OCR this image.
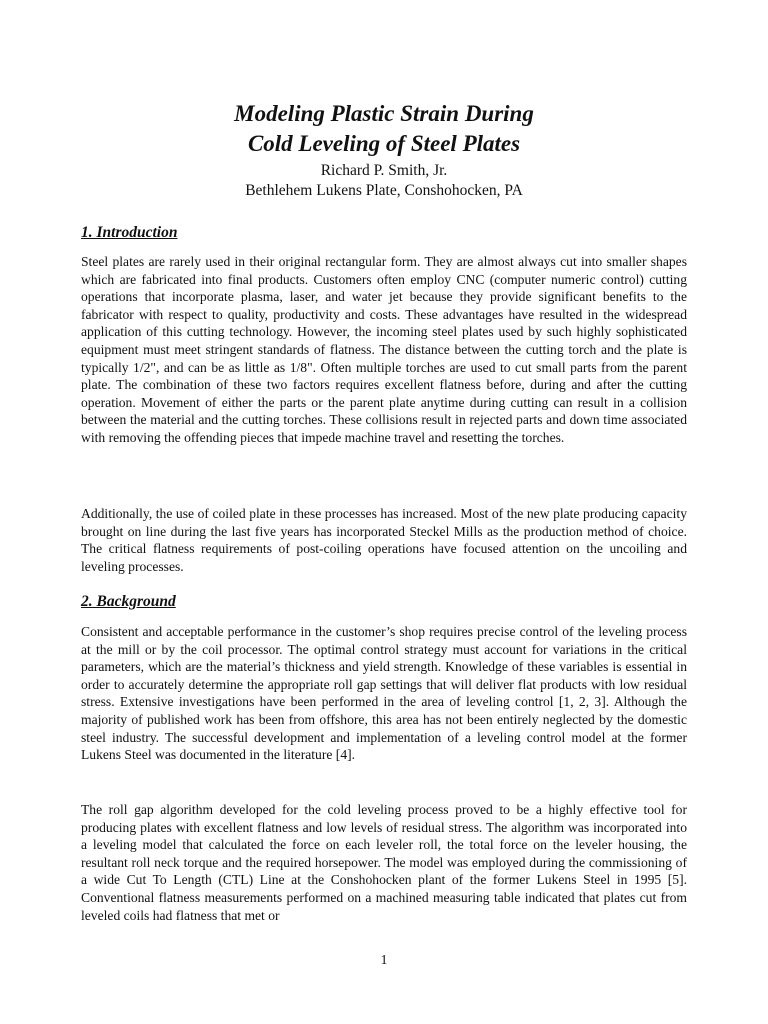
Modeling Plastic Strain During
Cold Leveling of Steel Plates
Richard P. Smith, Jr.
Bethlehem Lukens Plate, Conshohocken, PA
1. Introduction

Steel plates are rarely used in their original rectangular form. They are almost always cut into smaller shapes which are fabricated into final products. Customers often employ CNC (computer numeric control) cutting operations that incorporate plasma, laser, and water jet because they provide significant benefits to the fabricator with respect to quality, productivity and costs. These advantages have resulted in the widespread application of this cutting technology. However, the incoming steel plates used by such highly sophisticated equipment must meet stringent standards of flatness. The distance between the cutting torch and the plate is typically 1/2", and can be as little as 1/8". Often multiple torches are used to cut small parts from the parent plate. The combination of these two factors requires excellent flatness before, during and after the cutting operation. Movement of either the parts or the parent plate anytime during cutting can result in a collision between the material and the cutting torches. These collisions result in rejected parts and down time associated with removing the offending pieces that impede machine travel and resetting the torches.

Additionally, the use of coiled plate in these processes has increased. Most of the new plate producing capacity brought on line during the last five years has incorporated Steckel Mills as the production method of choice. The critical flatness requirements of post-coiling operations have focused attention on the uncoiling and leveling processes.

2. Background

Consistent and acceptable performance in the customer’s shop requires precise control of the leveling process at the mill or by the coil processor. The optimal control strategy must account for variations in the critical parameters, which are the material’s thickness and yield strength. Knowledge of these variables is essential in order to accurately determine the appropriate roll gap settings that will deliver flat products with low residual stress. Extensive investigations have been performed in the area of leveling control [1, 2, 3]. Although the majority of published work has been from offshore, this area has not been entirely neglected by the domestic steel industry. The successful development and implementation of a leveling control model at the former Lukens Steel was documented in the literature [4].

The roll gap algorithm developed for the cold leveling process proved to be a highly effective tool for producing plates with excellent flatness and low levels of residual stress. The algorithm was incorporated into a leveling model that calculated the force on each leveler roll, the total force on the leveler housing, the resultant roll neck torque and the required horsepower. The model was employed during the commissioning of a wide Cut To Length (CTL) Line at the Conshohocken plant of the former Lukens Steel in 1995 [5]. Conventional flatness measurements performed on a machined measuring table indicated that plates cut from leveled coils had flatness that met or

1
